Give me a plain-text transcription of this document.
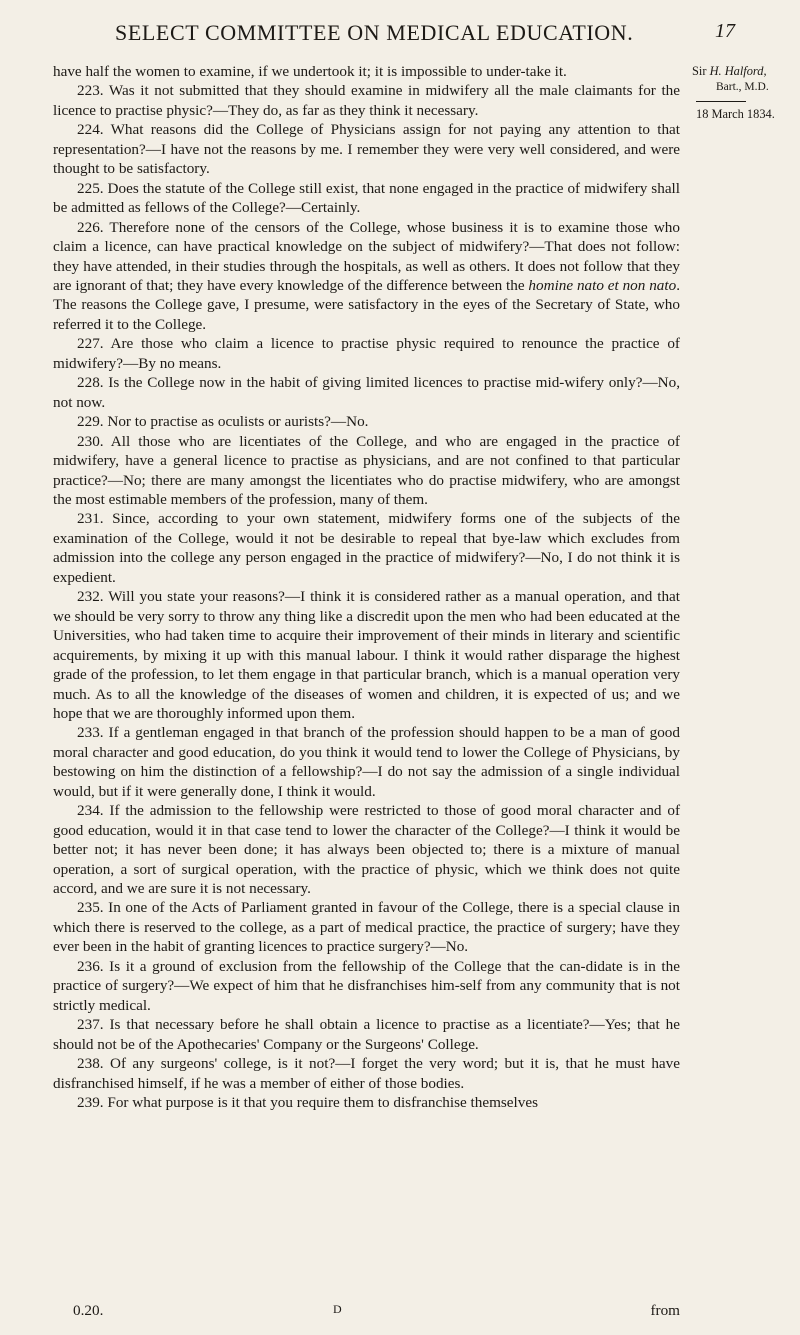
SELECT COMMITTEE ON MEDICAL EDUCATION.	17

have half the women to examine, if we undertook it; it is impossible to under-take it.

223. Was it not submitted that they should examine in midwifery all the male claimants for the licence to practise physic?—They do, as far as they think it necessary.

224. What reasons did the College of Physicians assign for not paying any attention to that representation?—I have not the reasons by me. I remember they were very well considered, and were thought to be satisfactory.

225. Does the statute of the College still exist, that none engaged in the practice of midwifery shall be admitted as fellows of the College?—Certainly.

226. Therefore none of the censors of the College, whose business it is to examine those who claim a licence, can have practical knowledge on the subject of midwifery?—That does not follow: they have attended, in their studies through the hospitals, as well as others. It does not follow that they are ignorant of that; they have every knowledge of the difference between the homine nato et non nato. The reasons the College gave, I presume, were satisfactory in the eyes of the Secretary of State, who referred it to the College.

227. Are those who claim a licence to practise physic required to renounce the practice of midwifery?—By no means.

228. Is the College now in the habit of giving limited licences to practise mid-wifery only?—No, not now.

229. Nor to practise as oculists or aurists?—No.

230. All those who are licentiates of the College, and who are engaged in the practice of midwifery, have a general licence to practise as physicians, and are not confined to that particular practice?—No; there are many amongst the licentiates who do practise midwifery, who are amongst the most estimable members of the profession, many of them.

231. Since, according to your own statement, midwifery forms one of the subjects of the examination of the College, would it not be desirable to repeal that bye-law which excludes from admission into the college any person engaged in the practice of midwifery?—No, I do not think it is expedient.

232. Will you state your reasons?—I think it is considered rather as a manual operation, and that we should be very sorry to throw any thing like a discredit upon the men who had been educated at the Universities, who had taken time to acquire their improvement of their minds in literary and scientific acquirements, by mixing it up with this manual labour. I think it would rather disparage the highest grade of the profession, to let them engage in that particular branch, which is a manual operation very much. As to all the knowledge of the diseases of women and children, it is expected of us; and we hope that we are thoroughly informed upon them.

233. If a gentleman engaged in that branch of the profession should happen to be a man of good moral character and good education, do you think it would tend to lower the College of Physicians, by bestowing on him the distinction of a fellowship?—I do not say the admission of a single individual would, but if it were generally done, I think it would.

234. If the admission to the fellowship were restricted to those of good moral character and of good education, would it in that case tend to lower the character of the College?—I think it would be better not; it has never been done; it has always been objected to; there is a mixture of manual operation, a sort of surgical operation, with the practice of physic, which we think does not quite accord, and we are sure it is not necessary.

235. In one of the Acts of Parliament granted in favour of the College, there is a special clause in which there is reserved to the college, as a part of medical practice, the practice of surgery; have they ever been in the habit of granting licences to practice surgery?—No.

236. Is it a ground of exclusion from the fellowship of the College that the can-didate is in the practice of surgery?—We expect of him that he disfranchises him-self from any community that is not strictly medical.

237. Is that necessary before he shall obtain a licence to practise as a licentiate?—Yes; that he should not be of the Apothecaries' Company or the Surgeons' College.

238. Of any surgeons' college, is it not?—I forget the very word; but it is, that he must have disfranchised himself, if he was a member of either of those bodies.

239. For what purpose is it that you require them to disfranchise themselves

Sir H. Halford,
Bart., M.D.
18 March 1834.
0.20.	D	from
